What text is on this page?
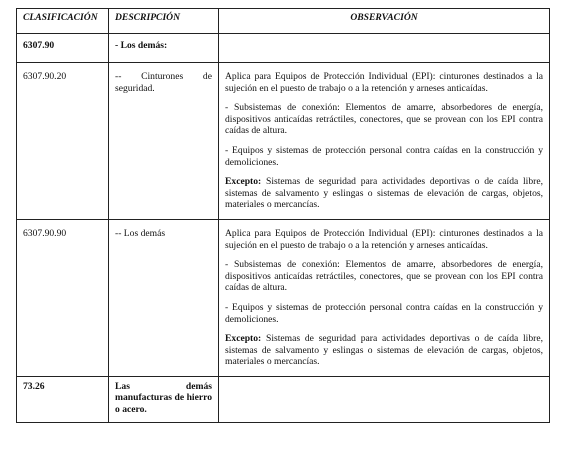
CLASIFICACIÓN	DESCRIPCIÓN	OBSERVACIÓN
6307.90	- Los demás:	
6307.90.20	-- Cinturones de seguridad.	Aplica para Equipos de Protección Individual (EPI): cinturones destinados a la sujeción en el puesto de trabajo o a la retención y arneses anticaídas.

- Subsistemas de conexión: Elementos de amarre, absorbedores de energía, dispositivos anticaídas retráctiles, conectores, que se provean con los EPI contra caídas de altura.

- Equipos y sistemas de protección personal contra caídas en la construcción y demoliciones.

Excepto: Sistemas de seguridad para actividades deportivas o de caída libre, sistemas de salvamento y eslingas o sistemas de elevación de cargas, objetos, materiales o mercancías.

6307.90.90	-- Los demás	Aplica para Equipos de Protección Individual (EPI): cinturones destinados a la sujeción en el puesto de trabajo o a la retención y arneses anticaídas.

- Subsistemas de conexión: Elementos de amarre, absorbedores de energía, dispositivos anticaídas retráctiles, conectores, que se provean con los EPI contra caídas de altura.

- Equipos y sistemas de protección personal contra caídas en la construcción y demoliciones.

Excepto: Sistemas de seguridad para actividades deportivas o de caída libre, sistemas de salvamento y eslingas o sistemas de elevación de cargas, objetos, materiales o mercancías.

73.26	Las demás manufacturas de hierro o acero.	
